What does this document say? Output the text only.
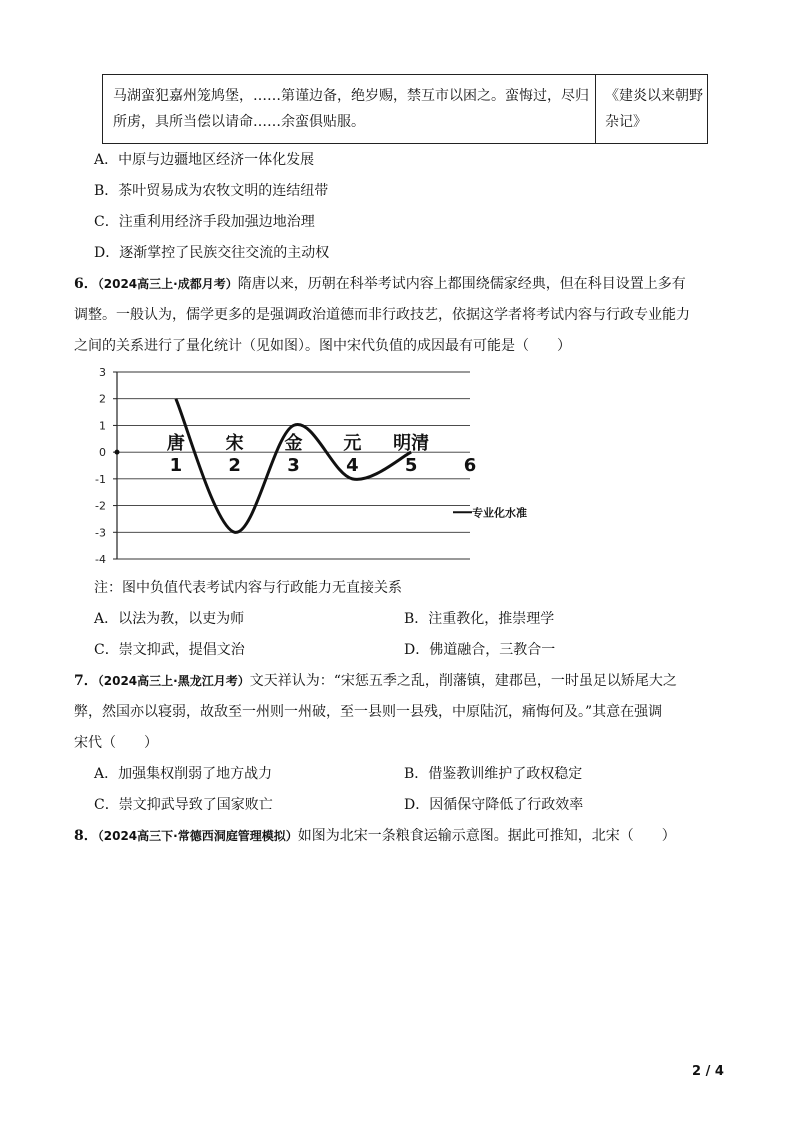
马湖蛮犯嘉州笼鸠堡，……第谨边备，绝岁赐，禁互市以困之。蛮悔过，尽归所虏，具所当偿以请命……余蛮俱贴服。
《建炎以来朝野杂记》
A．中原与边疆地区经济一体化发展
B．茶叶贸易成为农牧文明的连结纽带
C．注重利用经济手段加强边地治理
D．逐渐掌控了民族交往交流的主动权
6．（2024高三上·成都月考）隋唐以来，历朝在科举考试内容上都围绕儒家经典，但在科目设置上多有
调整。一般认为，儒学更多的是强调政治道德而非行政技艺，依据这学者将考试内容与行政专业能力
之间的关系进行了量化统计（见如图）。图中宋代负值的成因最有可能是（　　）
3
2
1
0
-1
-2
-3
-4
唐 宋 金 元 明清
1	2	3	4	5	6
专业化水准
注：图中负值代表考试内容与行政能力无直接关系
A．以法为教，以吏为师	B．注重教化，推崇理学
C．崇文抑武，提倡文治	D．佛道融合，三教合一
7．（2024高三上·黑龙江月考）文天祥认为：“宋惩五季之乱，削藩镇，建郡邑，一时虽足以矫尾大之
弊，然国亦以寝弱，故敌至一州则一州破，至一县则一县残，中原陆沉，痛悔何及。”其意在强调
宋代（　　）
A．加强集权削弱了地方战力	B．借鉴教训维护了政权稳定
C．崇文抑武导致了国家败亡	D．因循保守降低了行政效率
8．（2024高三下·常德西洞庭管理模拟）如图为北宋一条粮食运输示意图。据此可推知，北宋（　　）
2 / 4
